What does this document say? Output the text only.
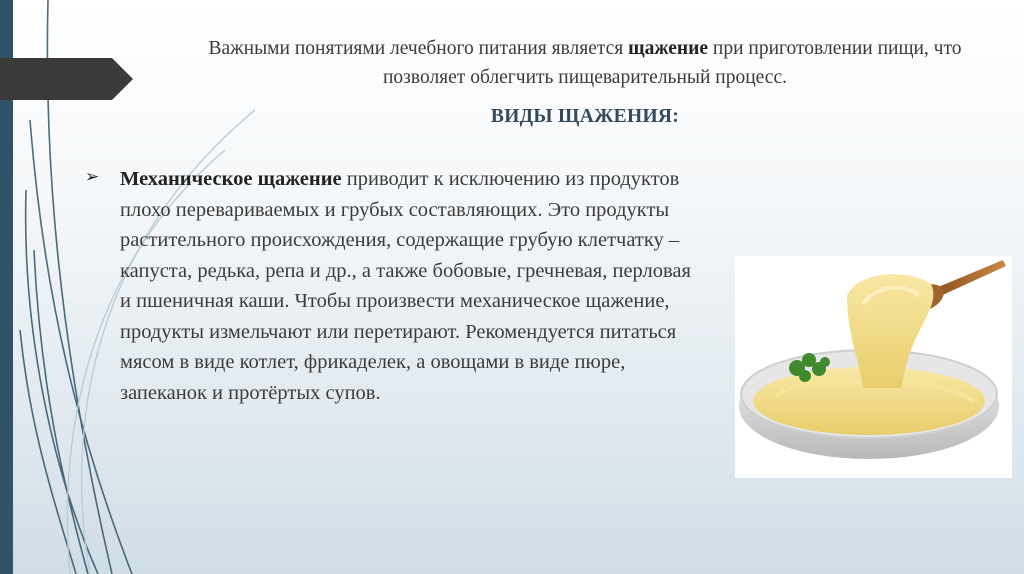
Важными понятиями лечебного питания является щажение при приготовлении пищи, что позволяет облегчить пищеварительный процесс.
ВИДЫ ЩАЖЕНИЯ:
➢ Механическое щажение приводит к исключению из продуктов плохо перевариваемых и грубых составляющих. Это продукты растительного происхождения, содержащие грубую клетчатку – капуста, редька, репа и др., а также бобовые, гречневая, перловая и пшеничная каши. Чтобы произвести механическое щажение, продукты измельчают или перетирают. Рекомендуется питаться мясом в виде котлет, фрикаделек, а овощами в виде пюре, запеканок и протёртых супов.
